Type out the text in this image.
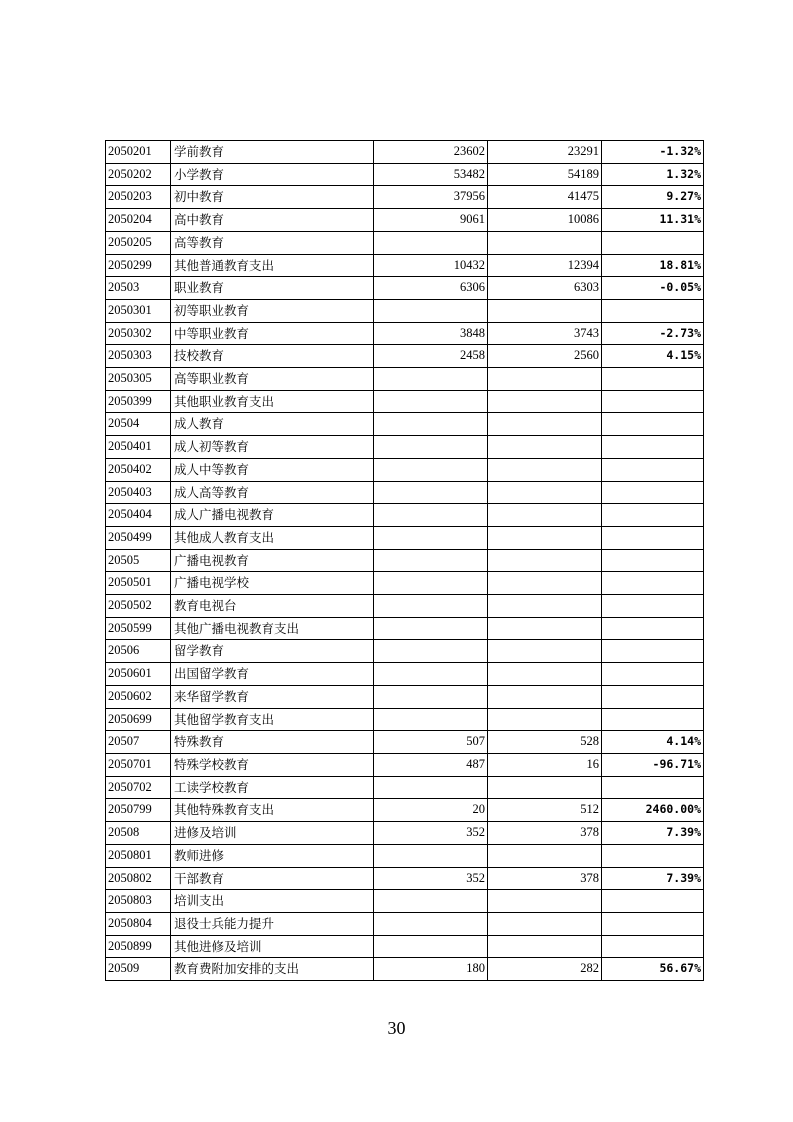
2050201	学前教育	23602	23291	-1.32%
2050202	小学教育	53482	54189	1.32%
2050203	初中教育	37956	41475	9.27%
2050204	高中教育	9061	10086	11.31%
2050205	高等教育			
2050299	其他普通教育支出	10432	12394	18.81%
20503	职业教育	6306	6303	-0.05%
2050301	初等职业教育			
2050302	中等职业教育	3848	3743	-2.73%
2050303	技校教育	2458	2560	4.15%
2050305	高等职业教育			
2050399	其他职业教育支出			
20504	成人教育			
2050401	成人初等教育			
2050402	成人中等教育			
2050403	成人高等教育			
2050404	成人广播电视教育			
2050499	其他成人教育支出			
20505	广播电视教育			
2050501	广播电视学校			
2050502	教育电视台			
2050599	其他广播电视教育支出			
20506	留学教育			
2050601	出国留学教育			
2050602	来华留学教育			
2050699	其他留学教育支出			
20507	特殊教育	507	528	4.14%
2050701	特殊学校教育	487	16	-96.71%
2050702	工读学校教育			
2050799	其他特殊教育支出	20	512	2460.00%
20508	进修及培训	352	378	7.39%
2050801	教师进修			
2050802	干部教育	352	378	7.39%
2050803	培训支出			
2050804	退役士兵能力提升			
2050899	其他进修及培训			
20509	教育费附加安排的支出	180	282	56.67%
30
